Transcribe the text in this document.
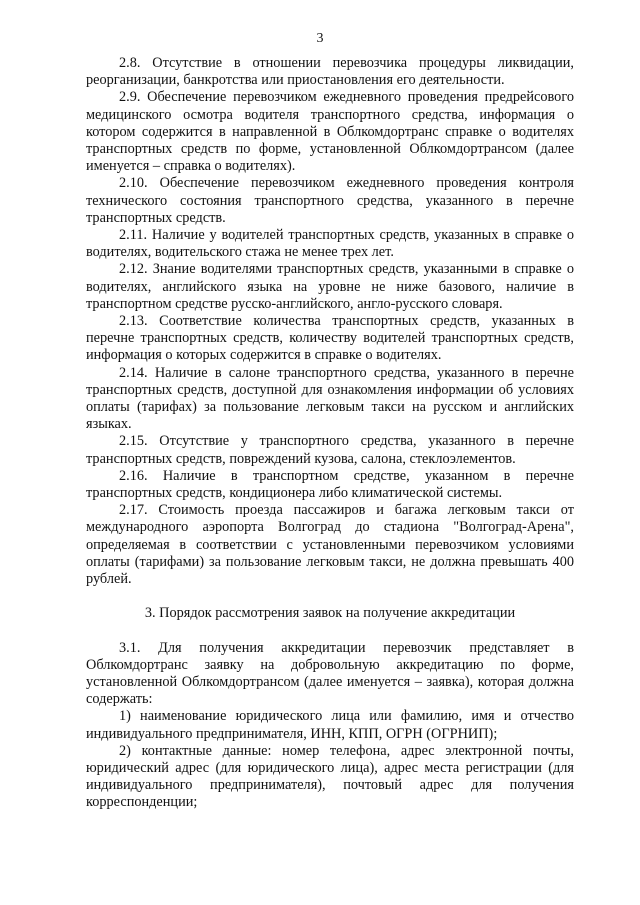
3

2.8. Отсутствие в отношении перевозчика процедуры ликвидации, реорганизации, банкротства или приостановления его деятельности.

2.9. Обеспечение перевозчиком ежедневного проведения предрейсового медицинского осмотра водителя транспортного средства, информация о котором содержится в направленной в Облкомдортранс справке о водителях транспортных средств по форме, установленной Облкомдортрансом (далее именуется – справка о водителях).

2.10. Обеспечение перевозчиком ежедневного проведения контроля технического состояния транспортного средства, указанного в перечне транспортных средств.

2.11. Наличие у водителей транспортных средств, указанных в справке о водителях, водительского стажа не менее трех лет.

2.12. Знание водителями транспортных средств, указанными в справке о водителях, английского языка на уровне не ниже базового, наличие в транспортном средстве русско-английского, англо-русского словаря.

2.13. Соответствие количества транспортных средств, указанных в перечне транспортных средств, количеству водителей транспортных средств, информация о которых содержится в справке о водителях.

2.14. Наличие в салоне транспортного средства, указанного в перечне транспортных средств, доступной для ознакомления информации об условиях оплаты (тарифах) за пользование легковым такси на русском и английских языках.

2.15. Отсутствие у транспортного средства, указанного в перечне транспортных средств, повреждений кузова, салона, стеклоэлементов.

2.16. Наличие в транспортном средстве, указанном в перечне транспортных средств, кондиционера либо климатической системы.

2.17. Стоимость проезда пассажиров и багажа легковым такси от международного аэропорта Волгоград до стадиона "Волгоград-Арена", определяемая в соответствии с установленными перевозчиком условиями оплаты (тарифами) за пользование легковым такси, не должна превышать 400 рублей.

3. Порядок рассмотрения заявок на получение аккредитации

3.1. Для получения аккредитации перевозчик представляет в Облкомдортранс заявку на добровольную аккредитацию по форме, установленной Облкомдортрансом (далее именуется – заявка), которая должна содержать:

1) наименование юридического лица или фамилию, имя и отчество индивидуального предпринимателя, ИНН, КПП, ОГРН (ОГРНИП);

2) контактные данные: номер телефона, адрес электронной почты, юридический адрес (для юридического лица), адрес места регистрации (для индивидуального предпринимателя), почтовый адрес для получения корреспонденции;
